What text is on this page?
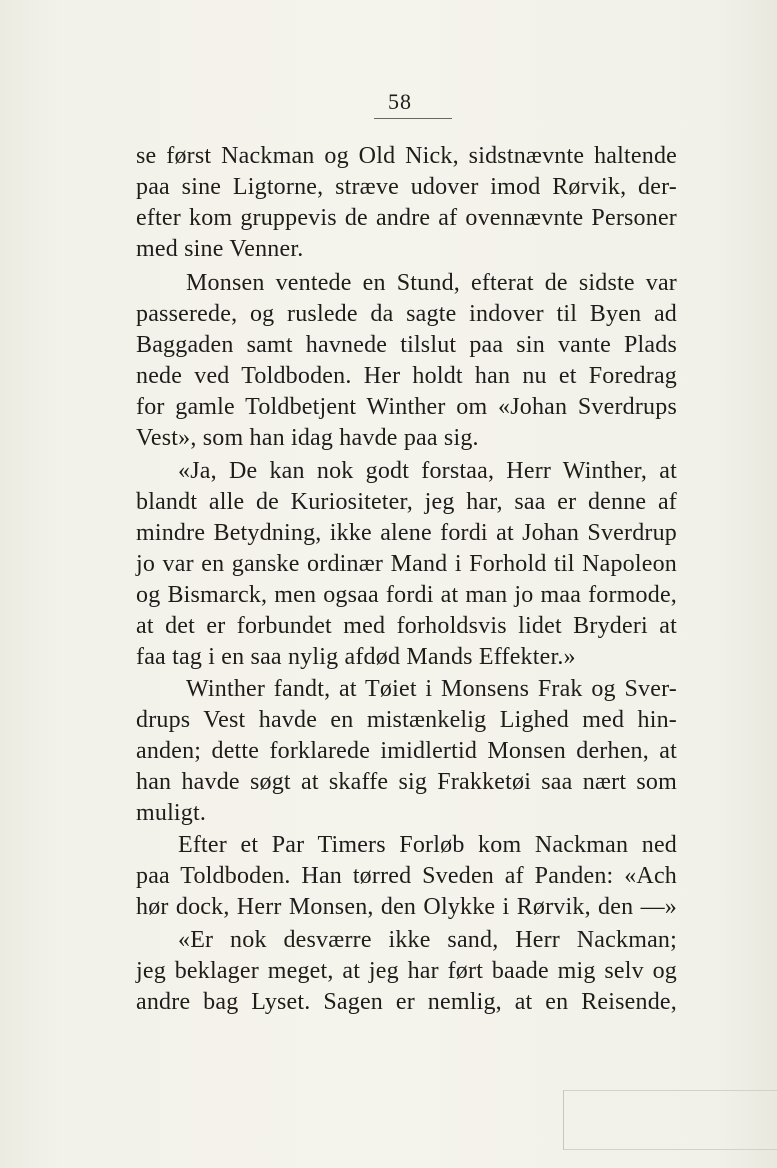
58
se først Nackman og Old Nick, sidstnævnte haltende
paa sine Ligtorne, stræve udover imod Rørvik, der-
efter kom gruppevis de andre af ovennævnte Personer
med sine Venner.
Monsen ventede en Stund, efterat de sidste var
passerede, og ruslede da sagte indover til Byen ad
Baggaden samt havnede tilslut paa sin vante Plads
nede ved Toldboden. Her holdt han nu et Foredrag
for gamle Toldbetjent Winther om «Johan Sverdrups
Vest», som han idag havde paa sig.
«Ja, De kan nok godt forstaa, Herr Winther, at
blandt alle de Kuriositeter, jeg har, saa er denne af
mindre Betydning, ikke alene fordi at Johan Sverdrup
jo var en ganske ordinær Mand i Forhold til Napoleon
og Bismarck, men ogsaa fordi at man jo maa formode,
at det er forbundet med forholdsvis lidet Bryderi at
faa tag i en saa nylig afdød Mands Effekter.»
Winther fandt, at Tøiet i Monsens Frak og Sver-
drups Vest havde en mistænkelig Lighed med hin-
anden; dette forklarede imidlertid Monsen derhen, at
han havde søgt at skaffe sig Frakketøi saa nært som
muligt.
Efter et Par Timers Forløb kom Nackman ned
paa Toldboden. Han tørred Sveden af Panden: «Ach
hør dock, Herr Monsen, den Olykke i Rørvik, den —»
«Er nok desværre ikke sand, Herr Nackman;
jeg beklager meget, at jeg har ført baade mig selv og
andre bag Lyset. Sagen er nemlig, at en Reisende,
